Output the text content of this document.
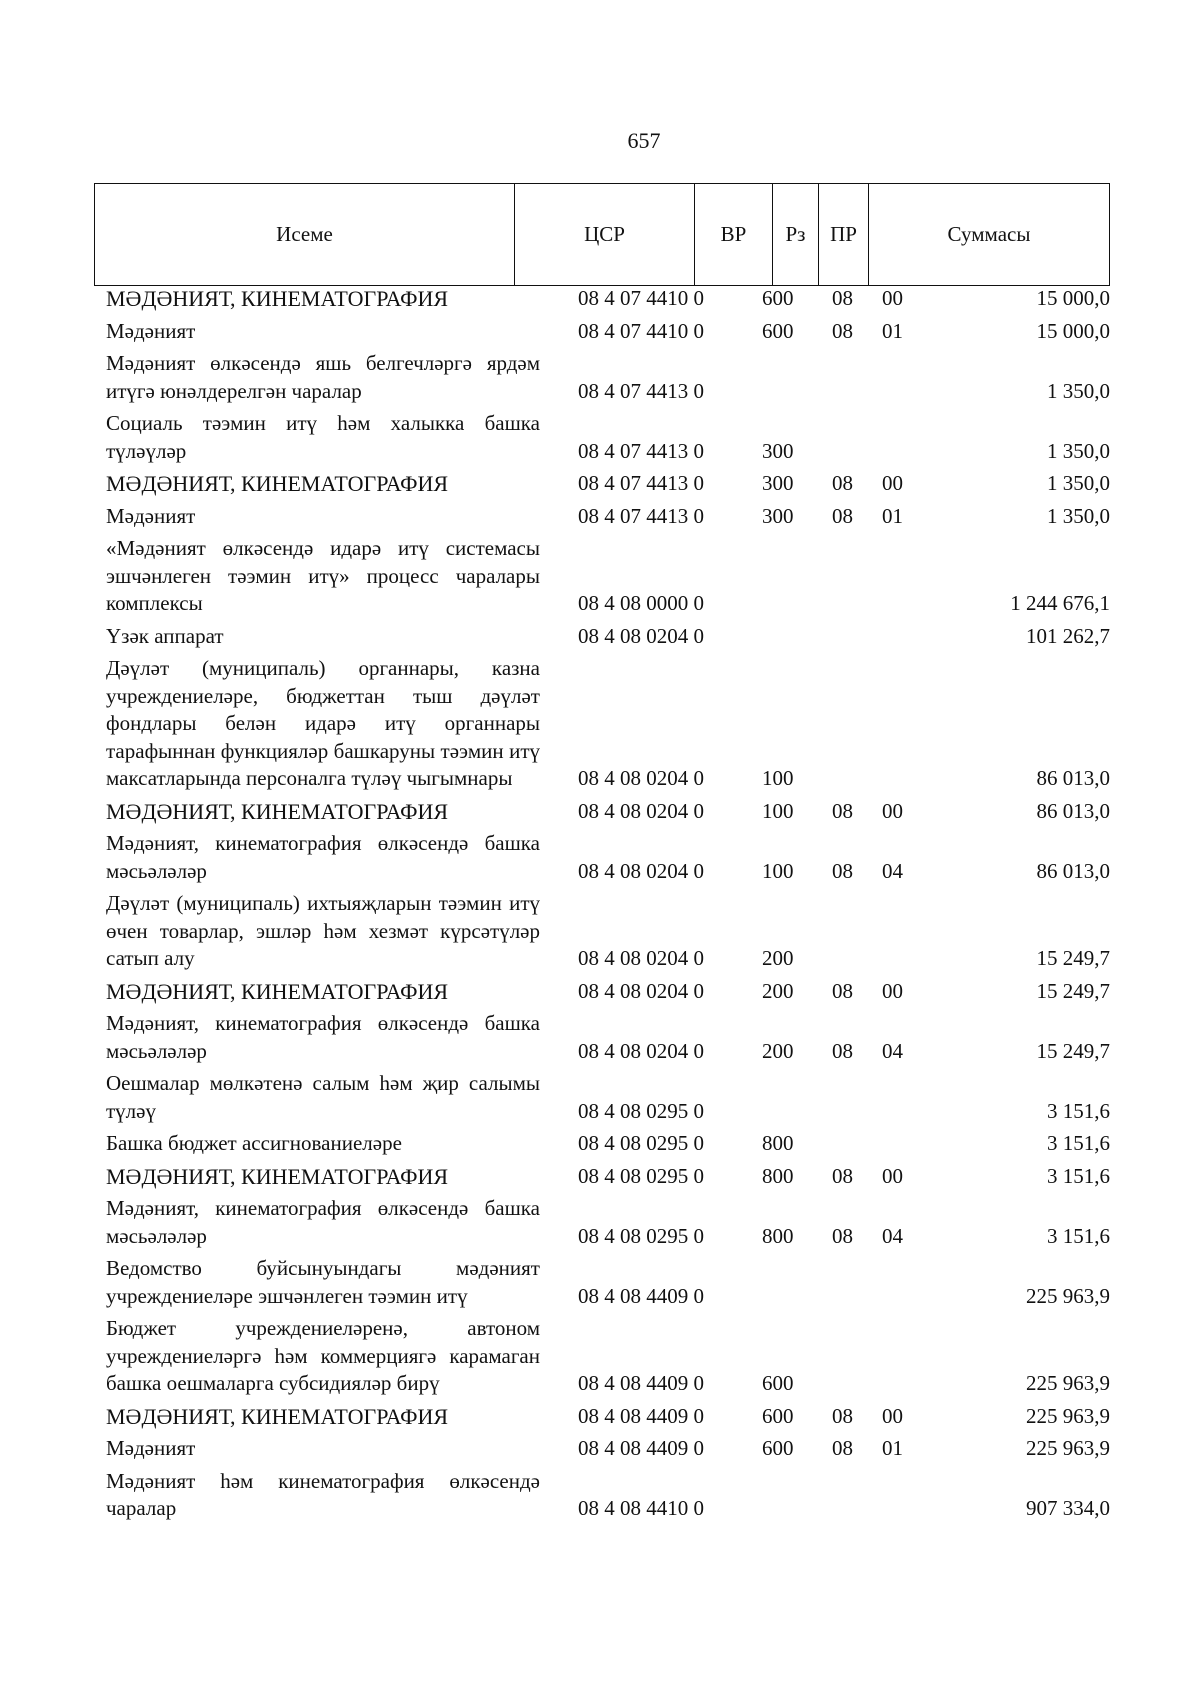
657
Исеме	ЦСР	ВР	Рз	ПР	Суммасы
МӘДӘНИЯТ, КИНЕМАТОГРАФИЯ	08 4 07 4410 0	600 08 00	15 000,0
Мәдәният	08 4 07 4410 0	600 08 01	15 000,0
Мәдәният өлкәсендә яшь белгечләргә ярдәм итүгә юнәлдерелгән чаралар	08 4 07 4413 0	1 350,0
Социаль тәэмин итү һәм халыкка башка түләүләр	08 4 07 4413 0	300	1 350,0
МӘДӘНИЯТ, КИНЕМАТОГРАФИЯ	08 4 07 4413 0	300 08 00	1 350,0
Мәдәният	08 4 07 4413 0	300 08 01	1 350,0
«Мәдәният өлкәсендә идарә итү системасы эшчәнлеген тәэмин итү» процесс чаралары комплексы	08 4 08 0000 0	1 244 676,1
Үзәк аппарат	08 4 08 0204 0	101 262,7
Дәүләт (муниципаль) органнары, казна учреждениеләре, бюджеттан тыш дәүләт фондлары белән идарә итү органнары тарафыннан функцияләр башкаруны тәэмин итү максатларында персоналга түләү чыгымнары	08 4 08 0204 0	100	86 013,0
МӘДӘНИЯТ, КИНЕМАТОГРАФИЯ	08 4 08 0204 0	100 08 00	86 013,0
Мәдәният, кинематография өлкәсендә башка мәсьәләләр	08 4 08 0204 0	100 08 04	86 013,0
Дәүләт (муниципаль) ихтыяҗларын тәэмин итү өчен товарлар, эшләр һәм хезмәт күрсәтүләр сатып алу	08 4 08 0204 0	200	15 249,7
МӘДӘНИЯТ, КИНЕМАТОГРАФИЯ	08 4 08 0204 0	200 08 00	15 249,7
Мәдәният, кинематография өлкәсендә башка мәсьәләләр	08 4 08 0204 0	200 08 04	15 249,7
Оешмалар мөлкәтенә салым һәм җир салымы түләү	08 4 08 0295 0	3 151,6
Башка бюджет ассигнованиеләре	08 4 08 0295 0	800	3 151,6
МӘДӘНИЯТ, КИНЕМАТОГРАФИЯ	08 4 08 0295 0	800 08 00	3 151,6
Мәдәният, кинематография өлкәсендә башка мәсьәләләр	08 4 08 0295 0	800 08 04	3 151,6
Ведомство буйсынуындагы мәдәният учреждениеләре эшчәнлеген тәэмин итү	08 4 08 4409 0	225 963,9
Бюджет учреждениеләренә, автоном учреждениеләргә һәм коммерциягә карамаган башка оешмаларга субсидияләр бирү	08 4 08 4409 0	600	225 963,9
МӘДӘНИЯТ, КИНЕМАТОГРАФИЯ	08 4 08 4409 0	600 08 00	225 963,9
Мәдәният	08 4 08 4409 0	600 08 01	225 963,9
Мәдәният һәм кинематография өлкәсендә чаралар	08 4 08 4410 0	907 334,0
